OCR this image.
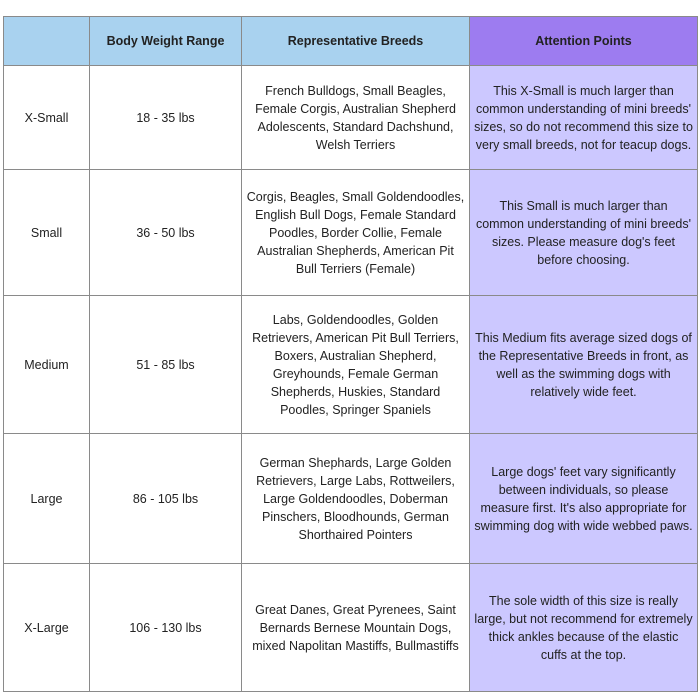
	Body Weight Range	Representative Breeds	Attention Points
X-Small	18 - 35 lbs	French Bulldogs, Small Beagles, Female Corgis, Australian Shepherd Adolescents, Standard Dachshund, Welsh Terriers	This X-Small is much larger than common understanding of mini breeds' sizes, so do not recommend this size to very small breeds, not for teacup dogs.
Small	36 - 50 lbs	Corgis, Beagles, Small Goldendoodles, English Bull Dogs, Female Standard Poodles, Border Collie, Female Australian Shepherds, American Pit Bull Terriers (Female)	This Small is much larger than common understanding of mini breeds' sizes. Please measure dog's feet before choosing.
Medium	51 - 85 lbs	Labs, Goldendoodles, Golden Retrievers, American Pit Bull Terriers, Boxers, Australian Shepherd, Greyhounds, Female German Shepherds, Huskies, Standard Poodles, Springer Spaniels	This Medium fits average sized dogs of the Representative Breeds in front, as well as the swimming dogs with relatively wide feet.
Large	86 - 105 lbs	German Shephards, Large Golden Retrievers, Large Labs, Rottweilers, Large Goldendoodles, Doberman Pinschers, Bloodhounds, German Shorthaired Pointers	Large dogs' feet vary significantly between individuals, so please measure first. It's also appropriate for swimming dog with wide webbed paws.
X-Large	106 - 130 lbs	Great Danes, Great Pyrenees, Saint Bernards Bernese Mountain Dogs, mixed Napolitan Mastiffs, Bullmastiffs	The sole width of this size is really large, but not recommend for extremely thick ankles because of the elastic cuffs at the top.
